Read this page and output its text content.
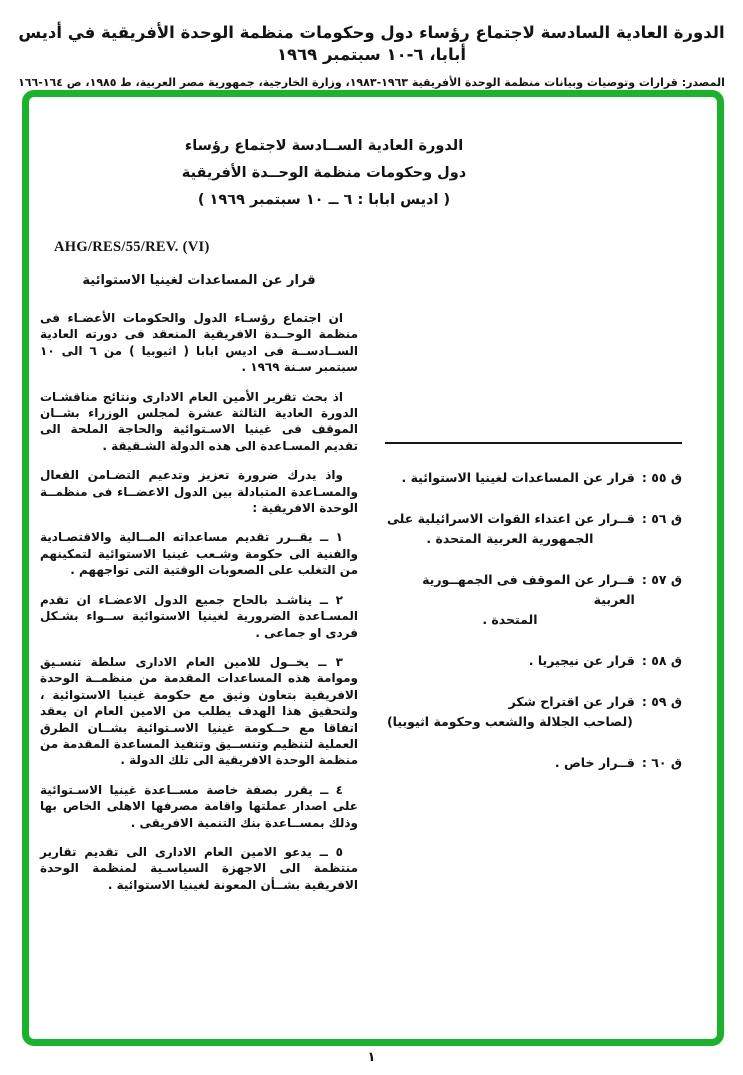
الدورة العادية السادسة لاجتماع رؤساء دول وحكومات منظمة الوحدة الأفريقية في أديس أبابا، ٦-١٠ سبتمبر ١٩٦٩
المصدر: قرارات وتوصيات وبيانات منظمة الوحدة الأفريقية ١٩٦٣-١٩٨٣، وزارة الخارجية، جمهورية مصر العربية، ط ١٩٨٥، ص ١٦٤-١٦٦
الدورة العادية الســادسة لاجتماع رؤساء
دول وحكومات منظمة الوحــدة الأفريقية
( اديس ابابا : ٦ ــ ١٠ سبتمبر ١٩٦٩ )
AHG/RES/55/REV. (VI)
قرار عن المساعدات لغينيا الاستوائية
ان اجتماع رؤسـاء الدول والحكومات الأعضـاء فى منظمة الوحــدة الافريقية المنعقد فى دورته العادية الســادســة فى اديس ابابا ( اثيوبيا ) من ٦ الى ١٠ سبتمبر سـنة ١٩٦٩ .
اذ بحث تقرير الأمين العام الادارى ونتائج مناقشـات الدورة العادية الثالثة عشرة لمجلس الوزراء بشــان الموقف فى غينيا الاسـتوائية والحاجة الملحة الى تقديم المسـاعدة الى هذه الدولة الشـقيقة .
واذ يدرك ضرورة تعزيز وتدعيم التضـامن الفعال والمسـاعدة المتبادلة بين الدول الاعضــاء فى منظمــة الوحدة الافريقية :
١ ــ يقــرر تقديم مساعداته المــالية والاقتصـادية والفنية الى حكومة وشـعب غينيا الاستوائية لتمكينهم من التغلب على الصعوبات الوقتية التى تواجههم .
٢ ــ يناشـد بالحاح جميع الدول الاعضـاء ان تقدم المسـاعدة الضرورية لغينيا الاستوائية ســواء بشـكل فردى او جماعى .
٣ ــ يخــول للامين العام الادارى سلطة تنسـيق وموامة هذه المساعدات المقدمة من منظمــة الوحدة الافريقية بتعاون وثيق مع حكومة غينيا الاستوائية ، ولتحقيق هذا الهدف يطلب من الامين العام ان يعقد اتفاقا مع حــكومة غينيا الاسـتوائية بشــان الطرق العملية لتنظيم وتنســيق وتنفيذ المساعدة المقدمة من منظمة الوحدة الافريقية الى تلك الدولة .
٤ ــ يقرر بصفة خاصة مســاعدة غينيا الاسـتوائية على اصدار عملتها واقامة مصرفها الاهلى الخاص بها وذلك بمســاعدة بنك التنمية الافريقى .
٥ ــ يدعو الامين العام الادارى الى تقديم تقارير منتظمة الى الاجهزة السياسـية لمنظمة الوحدة الافريقية بشــأن المعونة لغينيا الاستوائية .
ق ٥٥ :
قرار عن المساعدات لغينيا الاستوائية .
ق ٥٦ :
قــرار عن اعتداء القوات الاسرائيلية على
الجمهورية العربية المتحدة .
ق ٥٧ :
قــرار عن الموقف فى الجمهــورية العربية
المتحدة .
ق ٥٨ :
قرار عن نيجيريا .
ق ٥٩ :
قرار عن اقتراح شكر
(لصاحب الجلالة والشعب وحكومة اثيوبيا)
ق ٦٠ :
قــرار خاص .
١
